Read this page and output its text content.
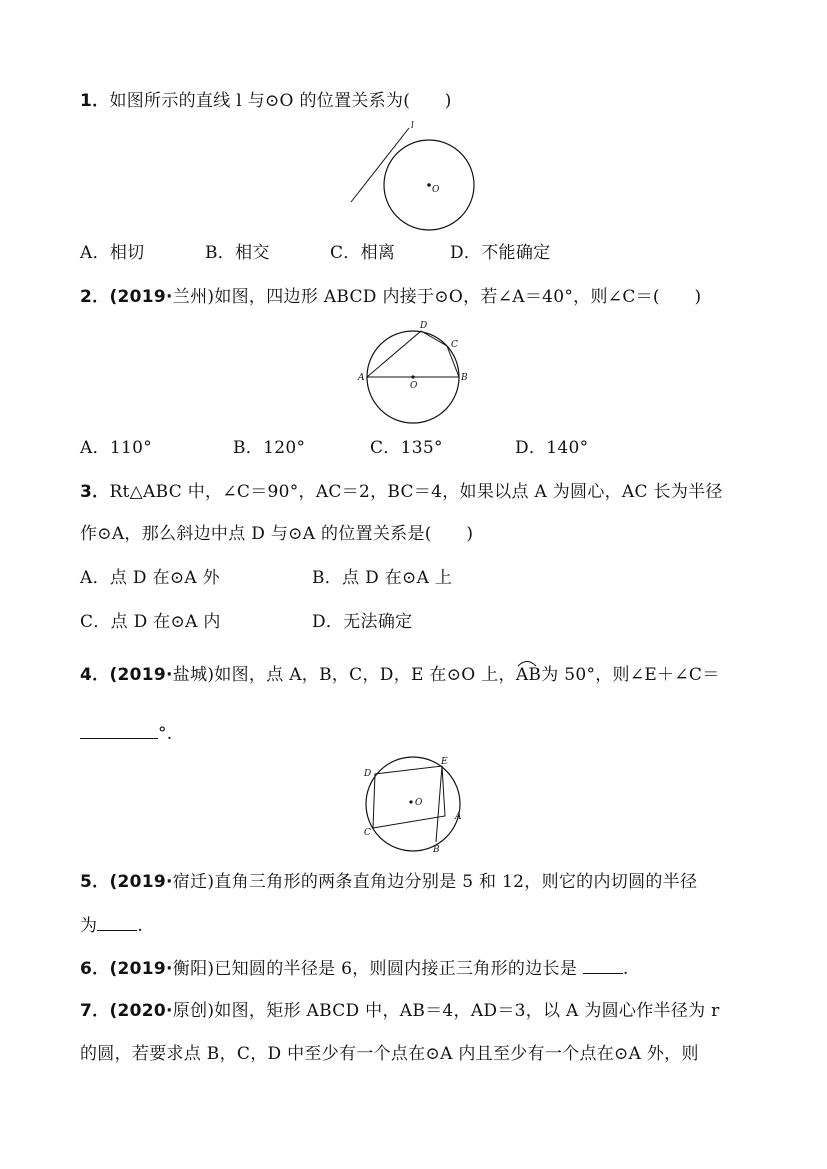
1．如图所示的直线 l 与⊙O 的位置关系为(　　)
l
O
A．相切	B．相交	C．相离	D．不能确定
2．(2019·兰州)如图，四边形 ABCD 内接于⊙O，若∠A＝40°，则∠C＝(　　)
A	B
C
D
O
A．110°	B．120°	C．135°	D．140°
3．Rt△ABC 中，∠C＝90°，AC＝2，BC＝4，如果以点 A 为圆心，AC 长为半径
作⊙A，那么斜边中点 D 与⊙A 的位置关系是(　　)
A．点 D 在⊙A 外	B．点 D 在⊙A 上
C．点 D 在⊙A 内	D．无法确定
4．(2019·盐城)如图，点 A，B，C，D，E 在⊙O 上，
AB为 50°，则∠E＋∠C＝
°.
D
E
A
C
B
O
5．(2019·宿迁)直角三角形的两条直角边分别是 5 和 12，则它的内切圆的半径
为 .
6．(2019·衡阳)已知圆的半径是 6，则圆内接正三角形的边长是 .
7．(2020·原创)如图，矩形 ABCD 中，AB＝4，AD＝3，以 A 为圆心作半径为 r
的圆，若要求点 B，C，D 中至少有一个点在⊙A 内且至少有一个点在⊙A 外，则
